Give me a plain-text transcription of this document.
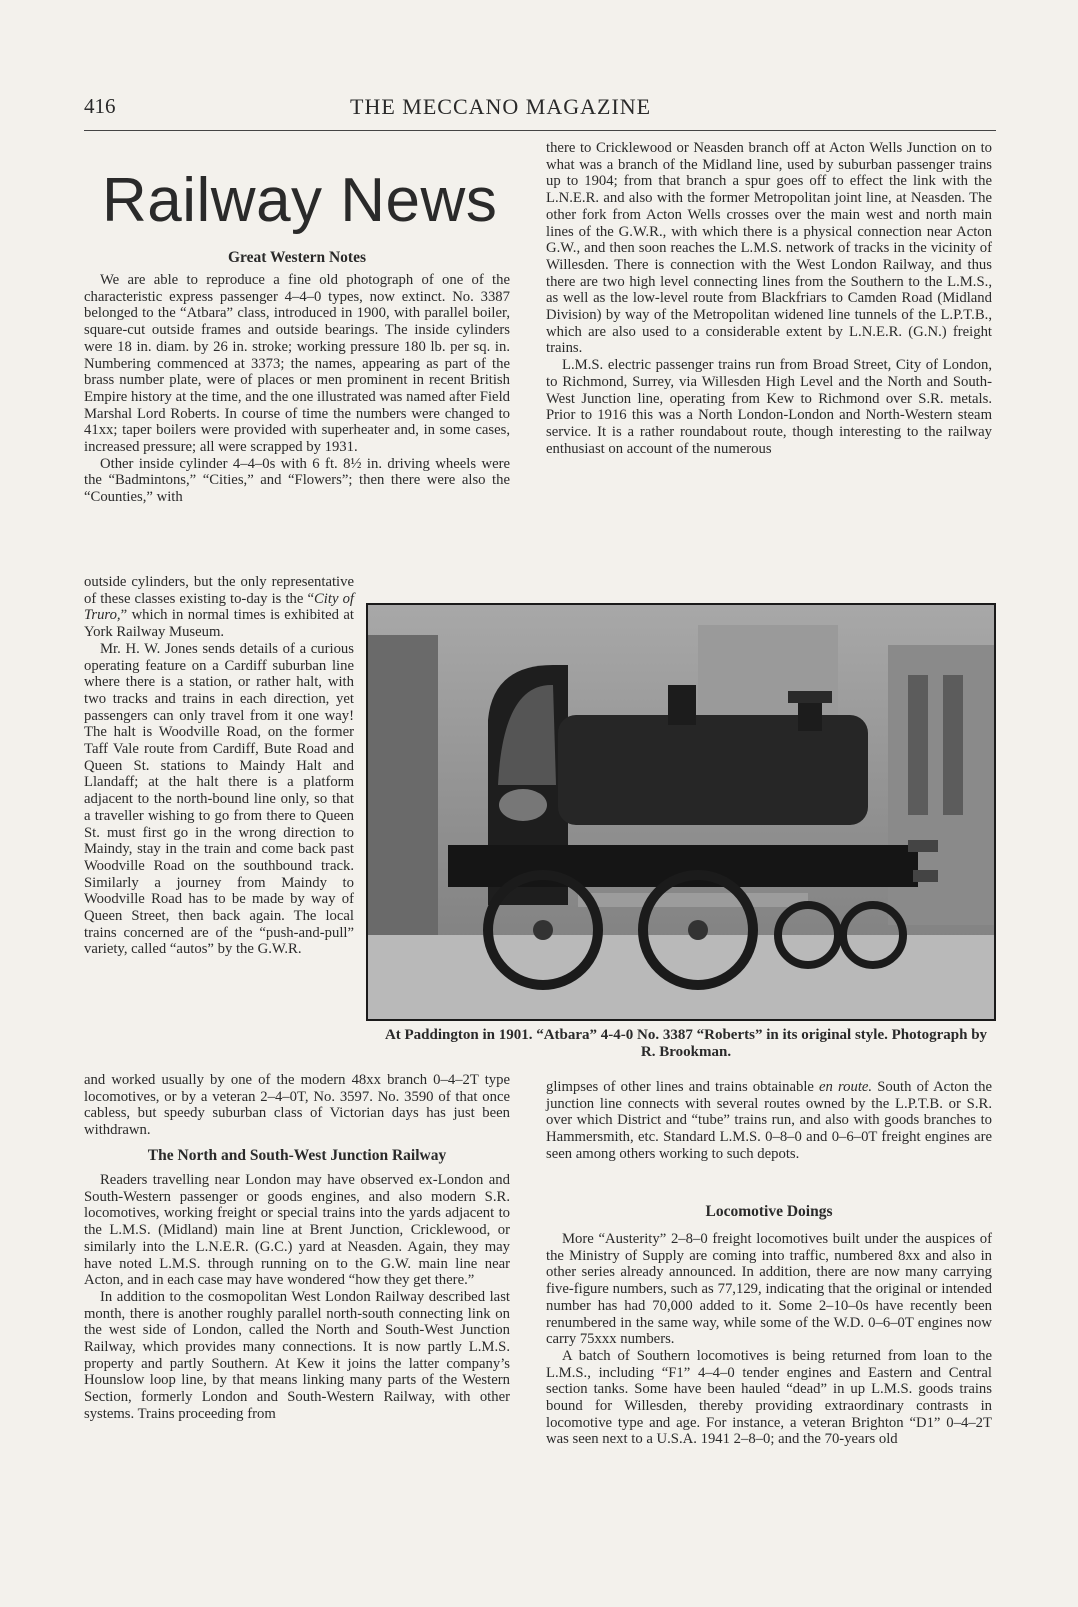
416	THE MECCANO MAGAZINE
Railway News
Great Western Notes

We are able to reproduce a fine old photograph of one of the characteristic express passenger 4–4–0 types, now extinct. No. 3387 belonged to the “Atbara” class, introduced in 1900, with parallel boiler, square-cut outside frames and outside bearings. The inside cylinders were 18 in. diam. by 26 in. stroke; working pressure 180 lb. per sq. in. Numbering commenced at 3373; the names, appearing as part of the brass number plate, were of places or men prominent in recent British Empire history at the time, and the one illustrated was named after Field Marshal Lord Roberts. In course of time the numbers were changed to 41xx; taper boilers were provided with superheater and, in some cases, increased pressure; all were scrapped by 1931.

Other inside cylinder 4–4–0s with 6 ft. 8½ in. driving wheels were the “Badmintons,” “Cities,” and “Flowers”; then there were also the “Counties,” with

outside cylinders, but the only representative of these classes existing to-day is the “City of Truro,” which in normal times is exhibited at York Railway Museum.

Mr. H. W. Jones sends details of a curious operating feature on a Cardiff suburban line where there is a station, or rather halt, with two tracks and trains in each direction, yet passengers can only travel from it one way! The halt is Woodville Road, on the former Taff Vale route from Cardiff, Bute Road and Queen St. stations to Maindy Halt and Llandaff; at the halt there is a platform adjacent to the north-bound line only, so that a traveller wishing to go from there to Queen St. must first go in the wrong direction to Maindy, stay in the train and come back past Woodville Road on the southbound track. Similarly a journey from Maindy to Woodville Road has to be made by way of Queen Street, then back again. The local trains concerned are of the “push-and-pull” variety, called “autos” by the G.W.R.

and worked usually by one of the modern 48xx branch 0–4–2T type locomotives, or by a veteran 2–4–0T, No. 3597. No. 3590 of that once cabless, but speedy suburban class of Victorian days has just been withdrawn.

The North and South-West Junction Railway

Readers travelling near London may have observed ex-London and South-Western passenger or goods engines, and also modern S.R. locomotives, working freight or special trains into the yards adjacent to the L.M.S. (Midland) main line at Brent Junction, Cricklewood, or similarly into the L.N.E.R. (G.C.) yard at Neasden. Again, they may have noted L.M.S. through running on to the G.W. main line near Acton, and in each case may have wondered “how they get there.”

In addition to the cosmopolitan West London Railway described last month, there is another roughly parallel north-south connecting link on the west side of London, called the North and South-West Junction Railway, which provides many connections. It is now partly L.M.S. property and partly Southern. At Kew it joins the latter company’s Hounslow loop line, by that means linking many parts of the Western Section, formerly London and South-Western Railway, with other systems. Trains proceeding from

there to Cricklewood or Neasden branch off at Acton Wells Junction on to what was a branch of the Midland line, used by suburban passenger trains up to 1904; from that branch a spur goes off to effect the link with the L.N.E.R. and also with the former Metropolitan joint line, at Neasden. The other fork from Acton Wells crosses over the main west and north main lines of the G.W.R., with which there is a physical connection near Acton G.W., and then soon reaches the L.M.S. network of tracks in the vicinity of Willesden. There is connection with the West London Railway, and thus there are two high level connecting lines from the Southern to the L.M.S., as well as the low-level route from Blackfriars to Camden Road (Midland Division) by way of the Metropolitan widened line tunnels of the L.P.T.B., which are also used to a considerable extent by L.N.E.R. (G.N.) freight trains.

L.M.S. electric passenger trains run from Broad Street, City of London, to Richmond, Surrey, via Willesden High Level and the North and South-West Junction line, operating from Kew to Richmond over S.R. metals. Prior to 1916 this was a North London-London and North-Western steam service. It is a rather roundabout route, though interesting to the railway enthusiast on account of the numerous

At Paddington in 1901. “Atbara” 4-4-0 No. 3387 “Roberts” in its original style. Photograph by R. Brookman.

glimpses of other lines and trains obtainable en route. South of Acton the junction line connects with several routes owned by the L.P.T.B. or S.R. over which District and “tube” trains run, and also with goods branches to Hammersmith, etc. Standard L.M.S. 0–8–0 and 0–6–0T freight engines are seen among others working to such depots.

Locomotive Doings

More “Austerity” 2–8–0 freight locomotives built under the auspices of the Ministry of Supply are coming into traffic, numbered 8xx and also in other series already announced. In addition, there are now many carrying five-figure numbers, such as 77,129, indicating that the original or intended number has had 70,000 added to it. Some 2–10–0s have recently been renumbered in the same way, while some of the W.D. 0–6–0T engines now carry 75xxx numbers.

A batch of Southern locomotives is being returned from loan to the L.M.S., including “F1” 4–4–0 tender engines and Eastern and Central section tanks. Some have been hauled “dead” in up L.M.S. goods trains bound for Willesden, thereby providing extraordinary contrasts in locomotive type and age. For instance, a veteran Brighton “D1” 0–4–2T was seen next to a U.S.A. 1941 2–8–0; and the 70-years old
